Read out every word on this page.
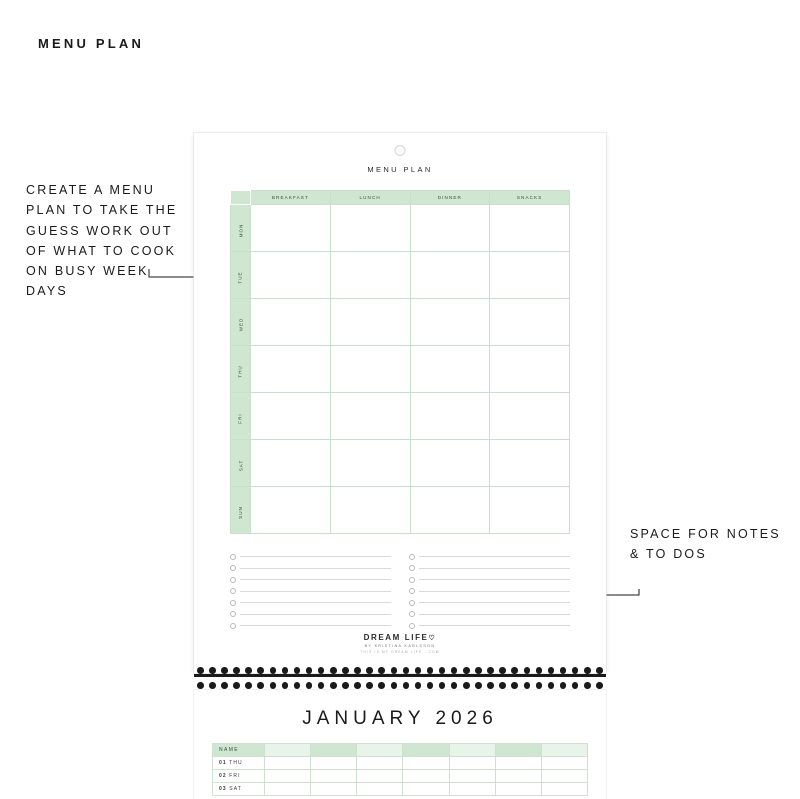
MENU PLAN
CREATE A MENU PLAN TO TAKE THE GUESS WORK OUT OF WHAT TO COOK ON BUSY WEEK DAYS
SPACE FOR NOTES & TO DOS
MENU PLAN
	BREAKFAST	LUNCH	DINNER	SNACKS
MON				
TUE				
WED				
THU				
FRI				
SAT				
SUN				
DREAM LIFE♡
BY KRISTINA KARLSSON
THIS IS MY DREAM LIFE . COM
JANUARY 2026
NAME							
01 THU							
02 FRI							
03 SAT							
